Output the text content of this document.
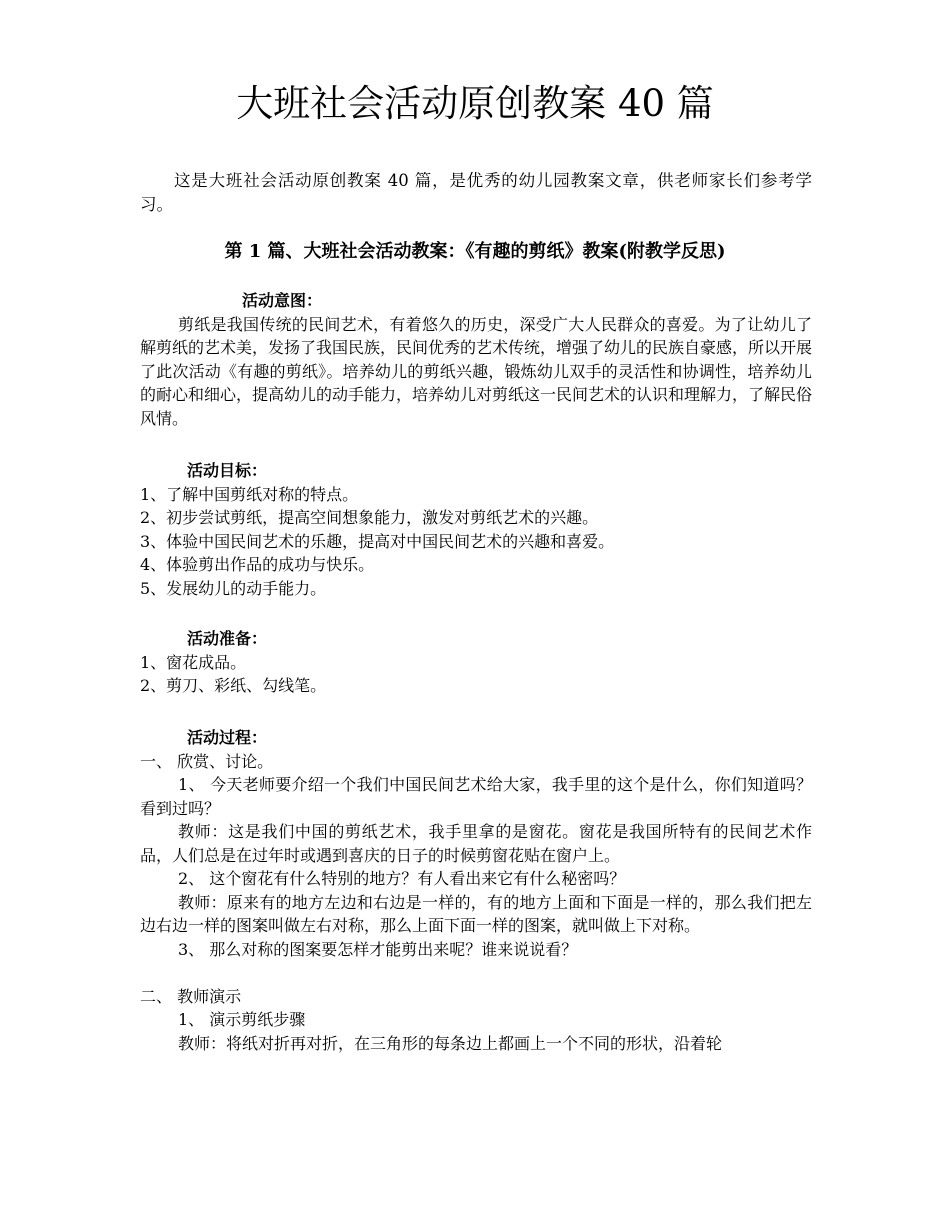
大班社会活动原创教案 40 篇

这是大班社会活动原创教案 40 篇，是优秀的幼儿园教案文章，供老师家长们参考学习。

第 1 篇、大班社会活动教案：《有趣的剪纸》教案(附教学反思)

活动意图：

剪纸是我国传统的民间艺术，有着悠久的历史，深受广大人民群众的喜爱。为了让幼儿了解剪纸的艺术美，发扬了我国民族，民间优秀的艺术传统，增强了幼儿的民族自豪感，所以开展了此次活动《有趣的剪纸》。培养幼儿的剪纸兴趣，锻炼幼儿双手的灵活性和协调性，培养幼儿的耐心和细心，提高幼儿的动手能力，培养幼儿对剪纸这一民间艺术的认识和理解力，了解民俗风情。

活动目标：

1、了解中国剪纸对称的特点。

2、初步尝试剪纸，提高空间想象能力，激发对剪纸艺术的兴趣。

3、体验中国民间艺术的乐趣，提高对中国民间艺术的兴趣和喜爱。

4、体验剪出作品的成功与快乐。

5、发展幼儿的动手能力。

活动准备：

1、窗花成品。

2、剪刀、彩纸、勾线笔。

活动过程：

一、 欣赏、讨论。

1、 今天老师要介绍一个我们中国民间艺术给大家，我手里的这个是什么，你们知道吗？看到过吗？

教师：这是我们中国的剪纸艺术，我手里拿的是窗花。窗花是我国所特有的民间艺术作品，人们总是在过年时或遇到喜庆的日子的时候剪窗花贴在窗户上。

2、 这个窗花有什么特别的地方？有人看出来它有什么秘密吗？

教师：原来有的地方左边和右边是一样的，有的地方上面和下面是一样的，那么我们把左边右边一样的图案叫做左右对称，那么上面下面一样的图案，就叫做上下对称。

3、 那么对称的图案要怎样才能剪出来呢？谁来说说看？

二、 教师演示

1、 演示剪纸步骤

教师：将纸对折再对折，在三角形的每条边上都画上一个不同的形状，沿着轮
